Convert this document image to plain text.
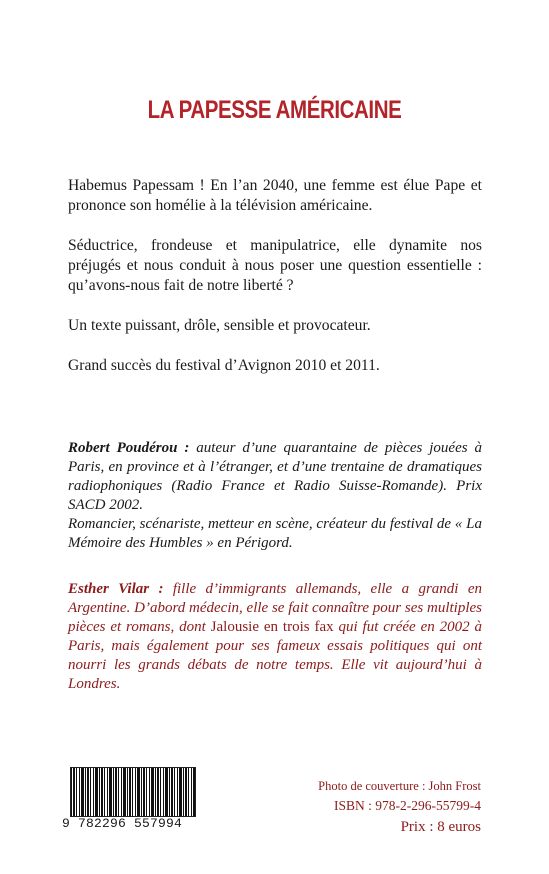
LA PAPESSE AMÉRICAINE

Habemus Papessam ! En l’an 2040, une femme est élue Pape et prononce son homélie à la télévision américaine.

Séductrice, frondeuse et manipulatrice, elle dynamite nos préjugés et nous conduit à nous poser une question essentielle : qu’avons-nous fait de notre liberté ?

Un texte puissant, drôle, sensible et provocateur.

Grand succès du festival d’Avignon 2010 et 2011.

Robert Poudérou : auteur d’une quarantaine de pièces jouées à Paris, en province et à l’étranger, et d’une trentaine de dramatiques radiophoniques (Radio France et Radio Suisse-Romande). Prix SACD 2002.

Romancier, scénariste, metteur en scène, créateur du festival de « La Mémoire des Humbles » en Périgord.

Esther Vilar : fille d’immigrants allemands, elle a grandi en Argentine. D’abord médecin, elle se fait connaître pour ses multiples pièces et romans, dont Jalousie en trois fax qui fut créée en 2002 à Paris, mais également pour ses fameux essais politiques qui ont nourri les grands débats de notre temps. Elle vit aujourd’hui à Londres.

9 782296 557994
Photo de couverture : John Frost
ISBN : 978-2-296-55799-4
Prix : 8 euros
